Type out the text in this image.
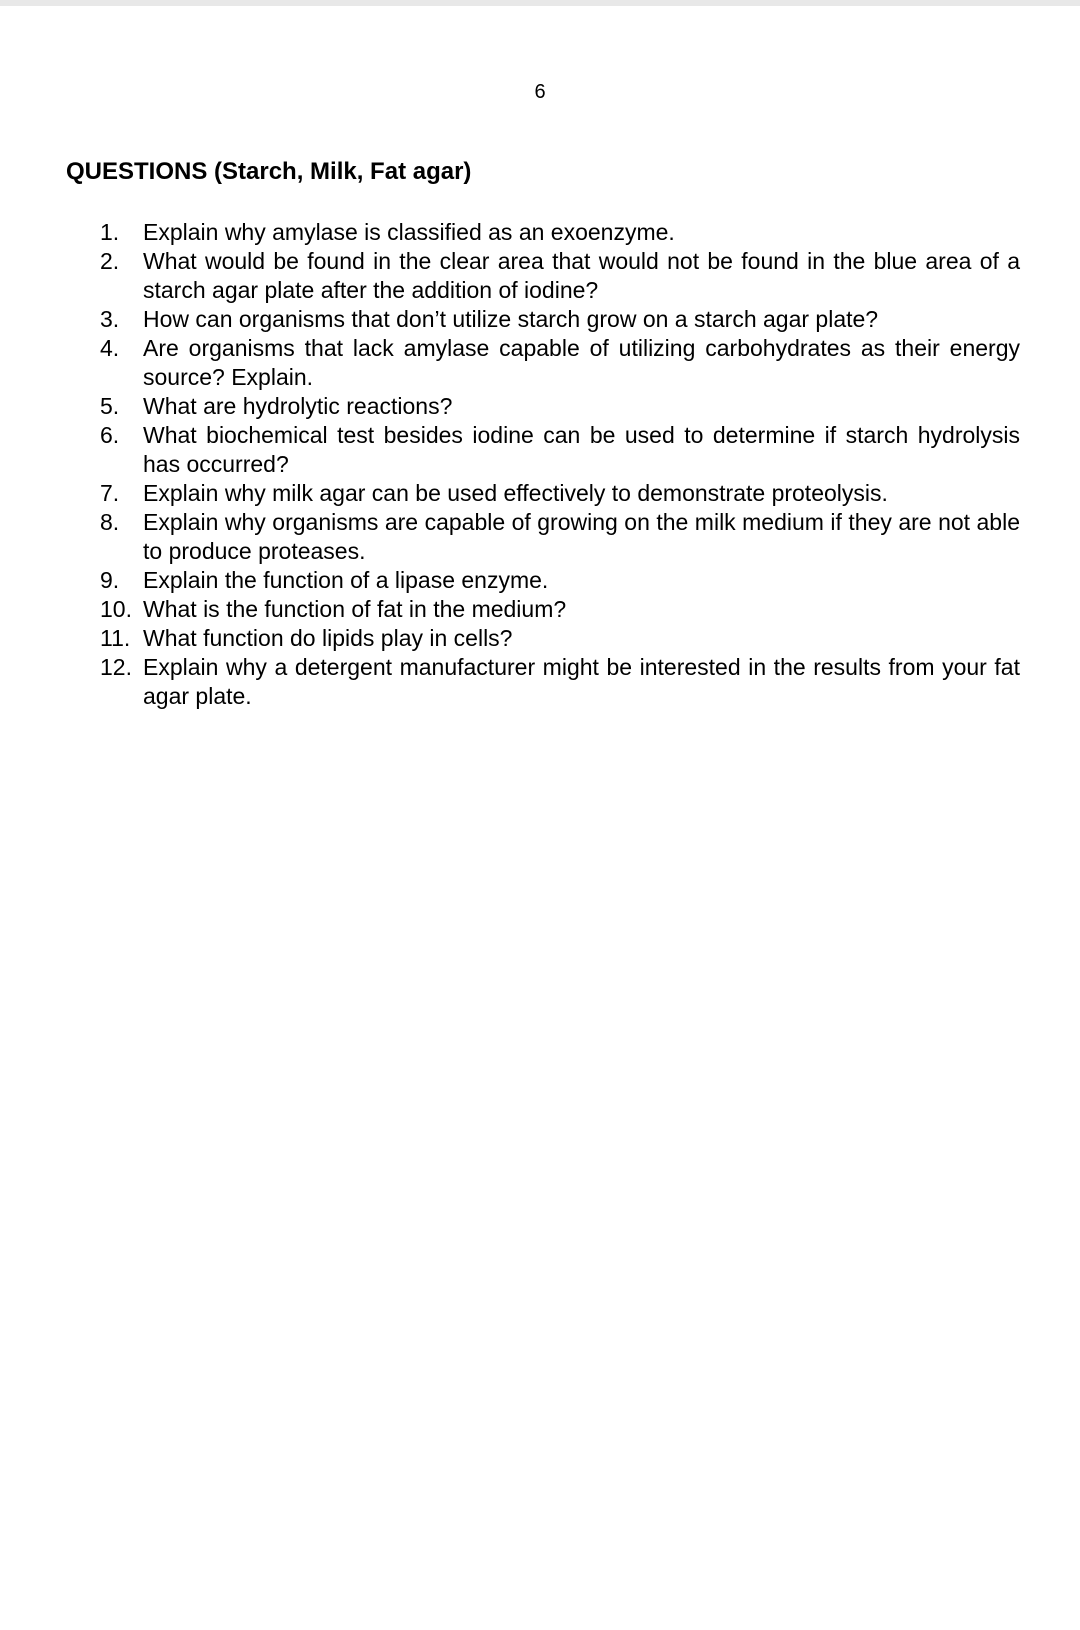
6
QUESTIONS (Starch, Milk, Fat agar)
1.	Explain why amylase is classified as an exoenzyme.
2.	What would be found in the clear area that would not be found in the blue area of a starch agar plate after the addition of iodine?
3.	How can organisms that don’t utilize starch grow on a starch agar plate?
4.	Are organisms that lack amylase capable of utilizing carbohydrates as their energy source? Explain.
5.	What are hydrolytic reactions?
6.	What biochemical test besides iodine can be used to determine if starch hydrolysis has occurred?
7.	Explain why milk agar can be used effectively to demonstrate proteolysis.
8.	Explain why organisms are capable of growing on the milk medium if they are not able to produce proteases.
9.	Explain the function of a lipase enzyme.
10. What is the function of fat in the medium?
11. What function do lipids play in cells?
12. Explain why a detergent manufacturer might be interested in the results from your fat agar plate.
